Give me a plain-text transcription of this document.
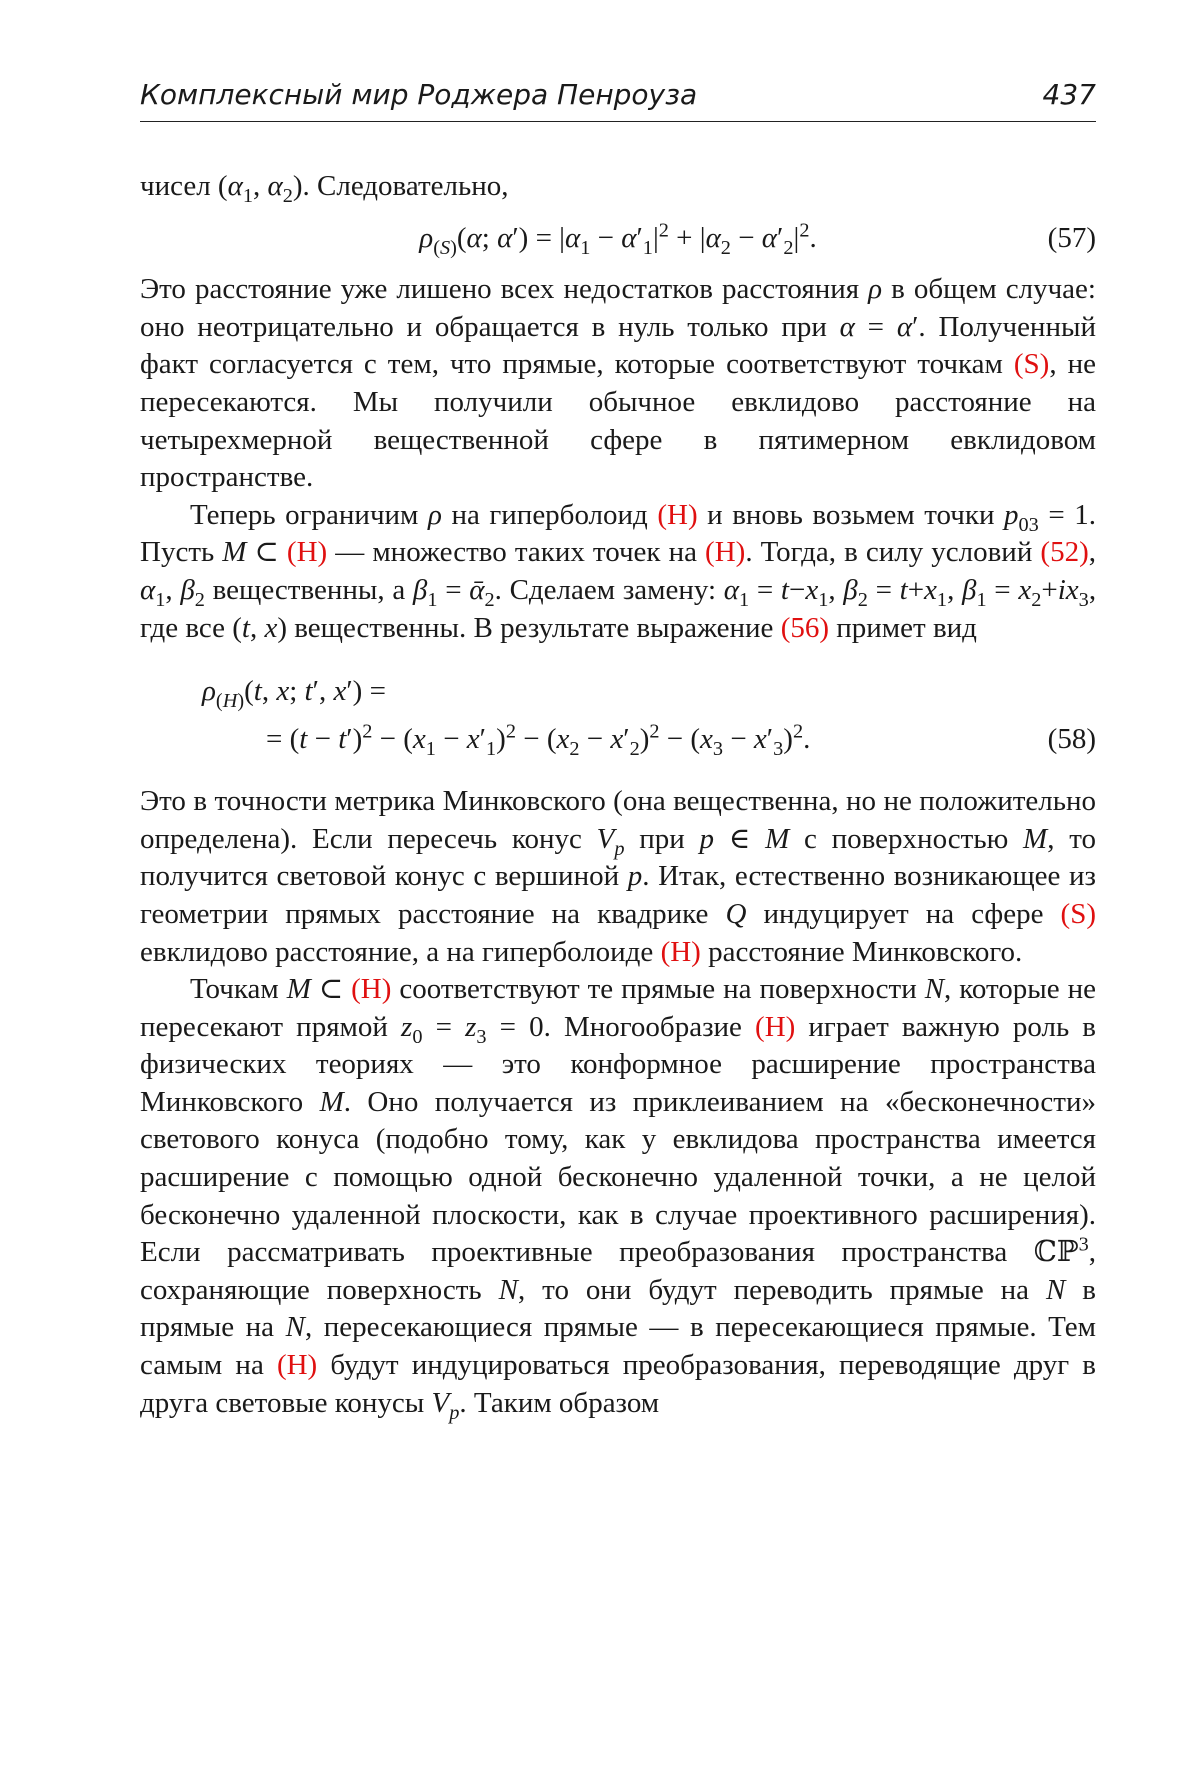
Комплексный мир Роджера Пенроуза	437

чисел ($\alpha_1$, $\alpha_2$). Следовательно,

$\rho_{(S)}(\alpha$; $\alpha') = |\alpha_1 - \alpha'_1|^2 + |\alpha_2 - \alpha'_2|^2$.	(57)

Это расстояние уже лишено всех недостатков расстояния ρ в общем случае: оно неотрицательно и обращается в нуль только при α = α′. Полученный факт согласуется с тем, что прямые, которые соответствуют точкам (S), не пересекаются. Мы получили обычное евклидово расстояние на четырехмерной вещественной сфере в пятимерном евклидовом пространстве.

Теперь ограничим ρ на гиперболоид (H) и вновь возьмем точки $p_{03} = 1$. Пусть M ⊂ (H) — множество таких точек на (H). Тогда, в силу условий (52), $\alpha_1$, $\beta_2$ вещественны, а $\beta_1$ = ᾱ$_2$. Сделаем замену: $\alpha_1 = t-x_1$, $\beta_2 = t+x_1$, $\beta_1 = x_2+ix_3$, где все (t, x) вещественны. В результате выражение (56) примет вид

$\rho_{(H)}(t$, x; t′, x′) =
= $(t - t')^2 - (x_1 - x'_1)^2 - (x_2 - x'_2)^2 - (x_3 - x'_3)^2$.	(58)

Это в точности метрика Минковского (она вещественна, но не положительно определена). Если пересечь конус $V_p$ при p ∈ M с поверхностью M, то получится световой конус с вершиной p. Итак, естественно возникающее из геометрии прямых расстояние на квадрике Q индуцирует на сфере (S) евклидово расстояние, а на гиперболоиде (H) расстояние Минковского.

Точкам M ⊂ (H) соответствуют те прямые на поверхности N, которые не пересекают прямой $z_0 = z_3 = 0$. Многообразие (H) играет важную роль в физических теориях — это конформное расширение пространства Минковского M. Оно получается из приклеиванием на «бесконечности» светового конуса (подобно тому, как у евклидова пространства имеется расширение с помощью одной бесконечно удаленной точки, а не целой бесконечно удаленной плоскости, как в случае проективного расширения). Если рассматривать проективные преобразования пространства ℂℙ$^3$, сохраняющие поверхность N, то они будут переводить прямые на N в прямые на N, пересекающиеся прямые — в пересекающиеся прямые. Тем самым на (H) будут индуцироваться преобразования, переводящие друг в друга световые конусы $V_p$. Таким образом
